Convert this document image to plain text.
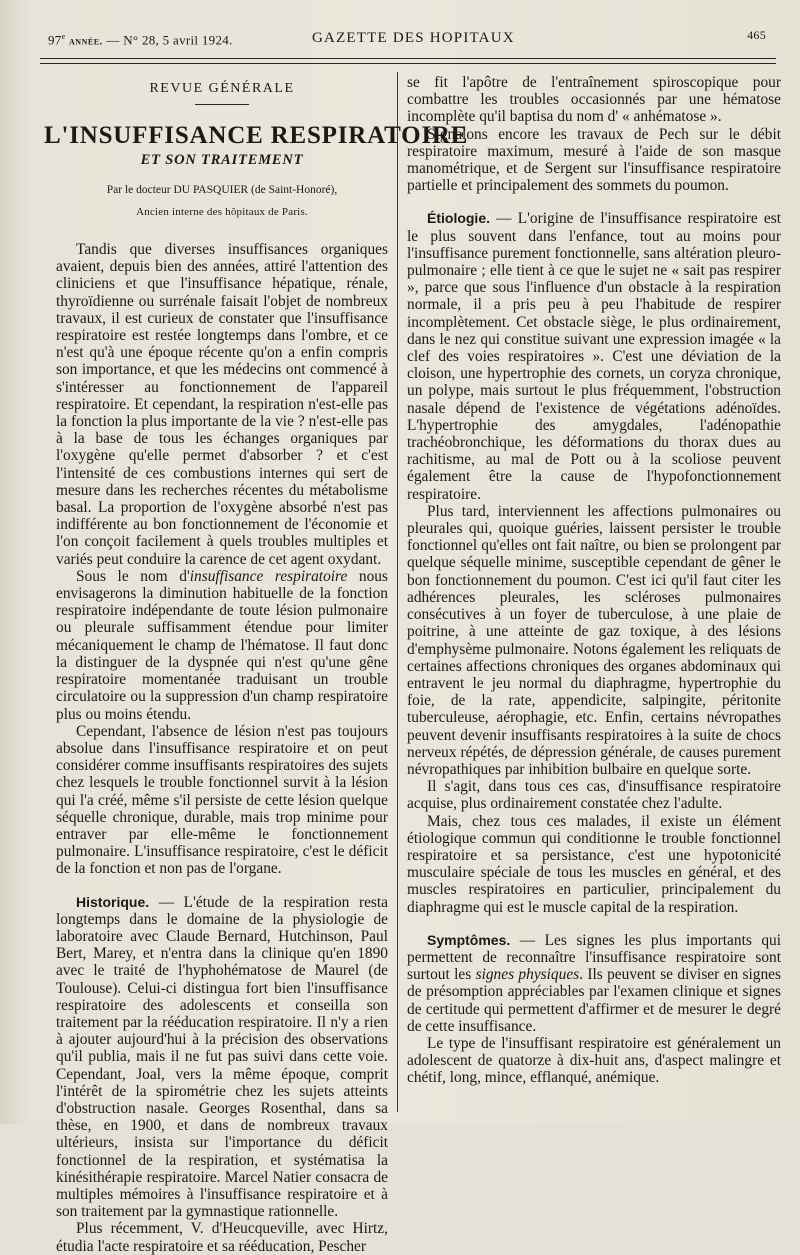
97e année. — N° 28, 5 avril 1924.	GAZETTE DES HOPITAUX	465
REVUE GÉNÉRALE
L'INSUFFISANCE RESPIRATOIRE
ET SON TRAITEMENT
Par le docteur DU PASQUIER (de Saint-Honoré),
Ancien interne des hôpitaux de Paris.

Tandis que diverses insuffisances organiques avaient, depuis bien des années, attiré l'attention des cliniciens et que l'insuffisance hépatique, rénale, thyroïdienne ou surrénale faisait l'objet de nombreux travaux, il est curieux de constater que l'insuffisance respiratoire est restée longtemps dans l'ombre, et ce n'est qu'à une époque récente qu'on a enfin compris son importance, et que les médecins ont commencé à s'intéresser au fonctionnement de l'appareil respiratoire. Et cependant, la respiration n'est-elle pas la fonction la plus importante de la vie ? n'est-elle pas à la base de tous les échanges organiques par l'oxygène qu'elle permet d'absorber ? et c'est l'intensité de ces combustions internes qui sert de mesure dans les recherches récentes du métabolisme basal. La proportion de l'oxygène absorbé n'est pas indifférente au bon fonctionnement de l'économie et l'on conçoit facilement à quels troubles multiples et variés peut conduire la carence de cet agent oxydant.

Sous le nom d'insuffisance respiratoire nous envisagerons la diminution habituelle de la fonction respiratoire indépendante de toute lésion pulmonaire ou pleurale suffisamment étendue pour limiter mécaniquement le champ de l'hématose. Il faut donc la distinguer de la dyspnée qui n'est qu'une gêne respiratoire momentanée traduisant un trouble circulatoire ou la suppression d'un champ respiratoire plus ou moins étendu.

Cependant, l'absence de lésion n'est pas toujours absolue dans l'insuffisance respiratoire et on peut considérer comme insuffisants respiratoires des sujets chez lesquels le trouble fonctionnel survit à la lésion qui l'a créé, même s'il persiste de cette lésion quelque séquelle chronique, durable, mais trop minime pour entraver par elle-même le fonctionnement pulmonaire. L'insuffisance respiratoire, c'est le déficit de la fonction et non pas de l'organe.

Historique. — L'étude de la respiration resta longtemps dans le domaine de la physiologie de laboratoire avec Claude Bernard, Hutchinson, Paul Bert, Marey, et n'entra dans la clinique qu'en 1890 avec le traité de l'hyphohématose de Maurel (de Toulouse). Celui-ci distingua fort bien l'insuffisance respiratoire des adolescents et conseilla son traitement par la rééducation respiratoire. Il n'y a rien à ajouter aujourd'hui à la précision des observations qu'il publia, mais il ne fut pas suivi dans cette voie. Cependant, Joal, vers la même époque, comprit l'intérêt de la spirométrie chez les sujets atteints d'obstruction nasale. Georges Rosenthal, dans sa thèse, en 1900, et dans de nombreux travaux ultérieurs, insista sur l'importance du déficit fonctionnel de la respiration, et systématisa la kinésithérapie respiratoire. Marcel Natier consacra de multiples mémoires à l'insuffisance respiratoire et à son traitement par la gymnastique rationnelle.

Plus récemment, V. d'Heucqueville, avec Hirtz, étudia l'acte respiratoire et sa rééducation, Pescher

se fit l'apôtre de l'entraînement spiroscopique pour combattre les troubles occasionnés par une hématose incomplète qu'il baptisa du nom d' « anhématose ».

Signalons encore les travaux de Pech sur le débit respiratoire maximum, mesuré à l'aide de son masque manométrique, et de Sergent sur l'insuffisance respiratoire partielle et principalement des sommets du poumon.

Étiologie. — L'origine de l'insuffisance respiratoire est le plus souvent dans l'enfance, tout au moins pour l'insuffisance purement fonctionnelle, sans altération pleuro-pulmonaire ; elle tient à ce que le sujet ne « sait pas respirer », parce que sous l'influence d'un obstacle à la respiration normale, il a pris peu à peu l'habitude de respirer incomplètement. Cet obstacle siège, le plus ordinairement, dans le nez qui constitue suivant une expression imagée « la clef des voies respiratoires ». C'est une déviation de la cloison, une hypertrophie des cornets, un coryza chronique, un polype, mais surtout le plus fréquemment, l'obstruction nasale dépend de l'existence de végétations adénoïdes. L'hypertrophie des amygdales, l'adénopathie trachéobronchique, les déformations du thorax dues au rachitisme, au mal de Pott ou à la scoliose peuvent également être la cause de l'hypofonctionnement respiratoire.

Plus tard, interviennent les affections pulmonaires ou pleurales qui, quoique guéries, laissent persister le trouble fonctionnel qu'elles ont fait naître, ou bien se prolongent par quelque séquelle minime, susceptible cependant de gêner le bon fonctionnement du poumon. C'est ici qu'il faut citer les adhérences pleurales, les scléroses pulmonaires consécutives à un foyer de tuberculose, à une plaie de poitrine, à une atteinte de gaz toxique, à des lésions d'emphysème pulmonaire. Notons également les reliquats de certaines affections chroniques des organes abdominaux qui entravent le jeu normal du diaphragme, hypertrophie du foie, de la rate, appendicite, salpingite, péritonite tuberculeuse, aérophagie, etc. Enfin, certains névropathes peuvent devenir insuffisants respiratoires à la suite de chocs nerveux répétés, de dépression générale, de causes purement névropathiques par inhibition bulbaire en quelque sorte.

Il s'agit, dans tous ces cas, d'insuffisance respiratoire acquise, plus ordinairement constatée chez l'adulte.

Mais, chez tous ces malades, il existe un élément étiologique commun qui conditionne le trouble fonctionnel respiratoire et sa persistance, c'est une hypotonicité musculaire spéciale de tous les muscles en général, et des muscles respiratoires en particulier, principalement du diaphragme qui est le muscle capital de la respiration.

Symptômes. — Les signes les plus importants qui permettent de reconnaître l'insuffisance respiratoire sont surtout les signes physiques. Ils peuvent se diviser en signes de présomption appréciables par l'examen clinique et signes de certitude qui permettent d'affirmer et de mesurer le degré de cette insuffisance.

Le type de l'insuffisant respiratoire est généralement un adolescent de quatorze à dix-huit ans, d'aspect malingre et chétif, long, mince, efflanqué, anémique.
